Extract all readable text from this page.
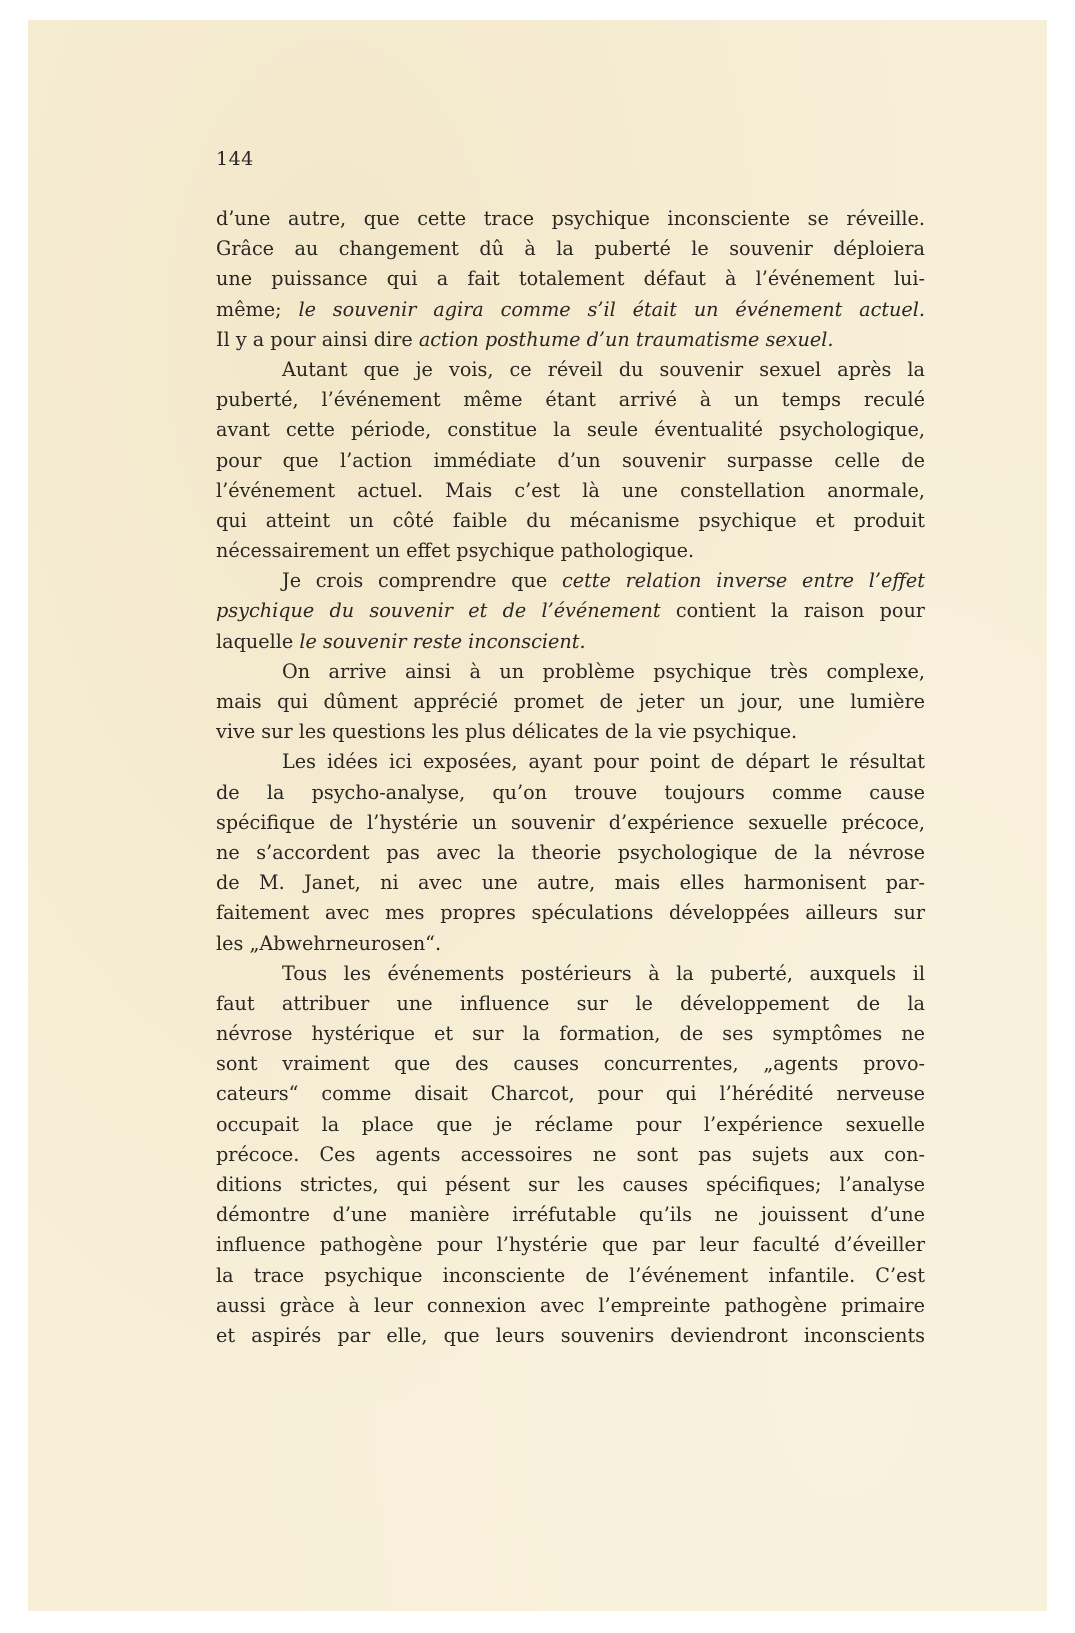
144
d’une autre, que cette trace psychique inconsciente se réveille.
Grâce au changement dû à la puberté le souvenir déploiera
une puissance qui a fait totalement défaut à l’événement lui-
même; le souvenir agira comme s’il était un événement actuel.
Il y a pour ainsi dire action posthume d’un traumatisme sexuel.
Autant que je vois, ce réveil du souvenir sexuel après la
puberté, l’événement même étant arrivé à un temps reculé
avant cette période, constitue la seule éventualité psychologique,
pour que l’action immédiate d’un souvenir surpasse celle de
l’événement actuel. Mais c’est là une constellation anormale,
qui atteint un côté faible du mécanisme psychique et produit
nécessairement un effet psychique pathologique.
Je crois comprendre que cette relation inverse entre l’effet
psychique du souvenir et de l’événement contient la raison pour
laquelle le souvenir reste inconscient.
On arrive ainsi à un problème psychique très complexe,
mais qui dûment apprécié promet de jeter un jour, une lumière
vive sur les questions les plus délicates de la vie psychique.
Les idées ici exposées, ayant pour point de départ le résultat
de la psycho-analyse, qu’on trouve toujours comme cause
spécifique de l’hystérie un souvenir d’expérience sexuelle précoce,
ne s’accordent pas avec la theorie psychologique de la névrose
de M. Janet, ni avec une autre, mais elles harmonisent par-
faitement avec mes propres spéculations développées ailleurs sur
les „Abwehrneurosen“.
Tous les événements postérieurs à la puberté, auxquels il
faut attribuer une influence sur le développement de la
névrose hystérique et sur la formation, de ses symptômes ne
sont vraiment que des causes concurrentes, „agents provo-
cateurs“ comme disait Charcot, pour qui l’hérédité nerveuse
occupait la place que je réclame pour l’expérience sexuelle
précoce. Ces agents accessoires ne sont pas sujets aux con-
ditions strictes, qui pésent sur les causes spécifiques; l’analyse
démontre d’une manière irréfutable qu’ils ne jouissent d’une
influence pathogène pour l’hystérie que par leur faculté d’éveiller
la trace psychique inconsciente de l’événement infantile. C’est
aussi gràce à leur connexion avec l’empreinte pathogène primaire
et aspirés par elle, que leurs souvenirs deviendront inconscients
